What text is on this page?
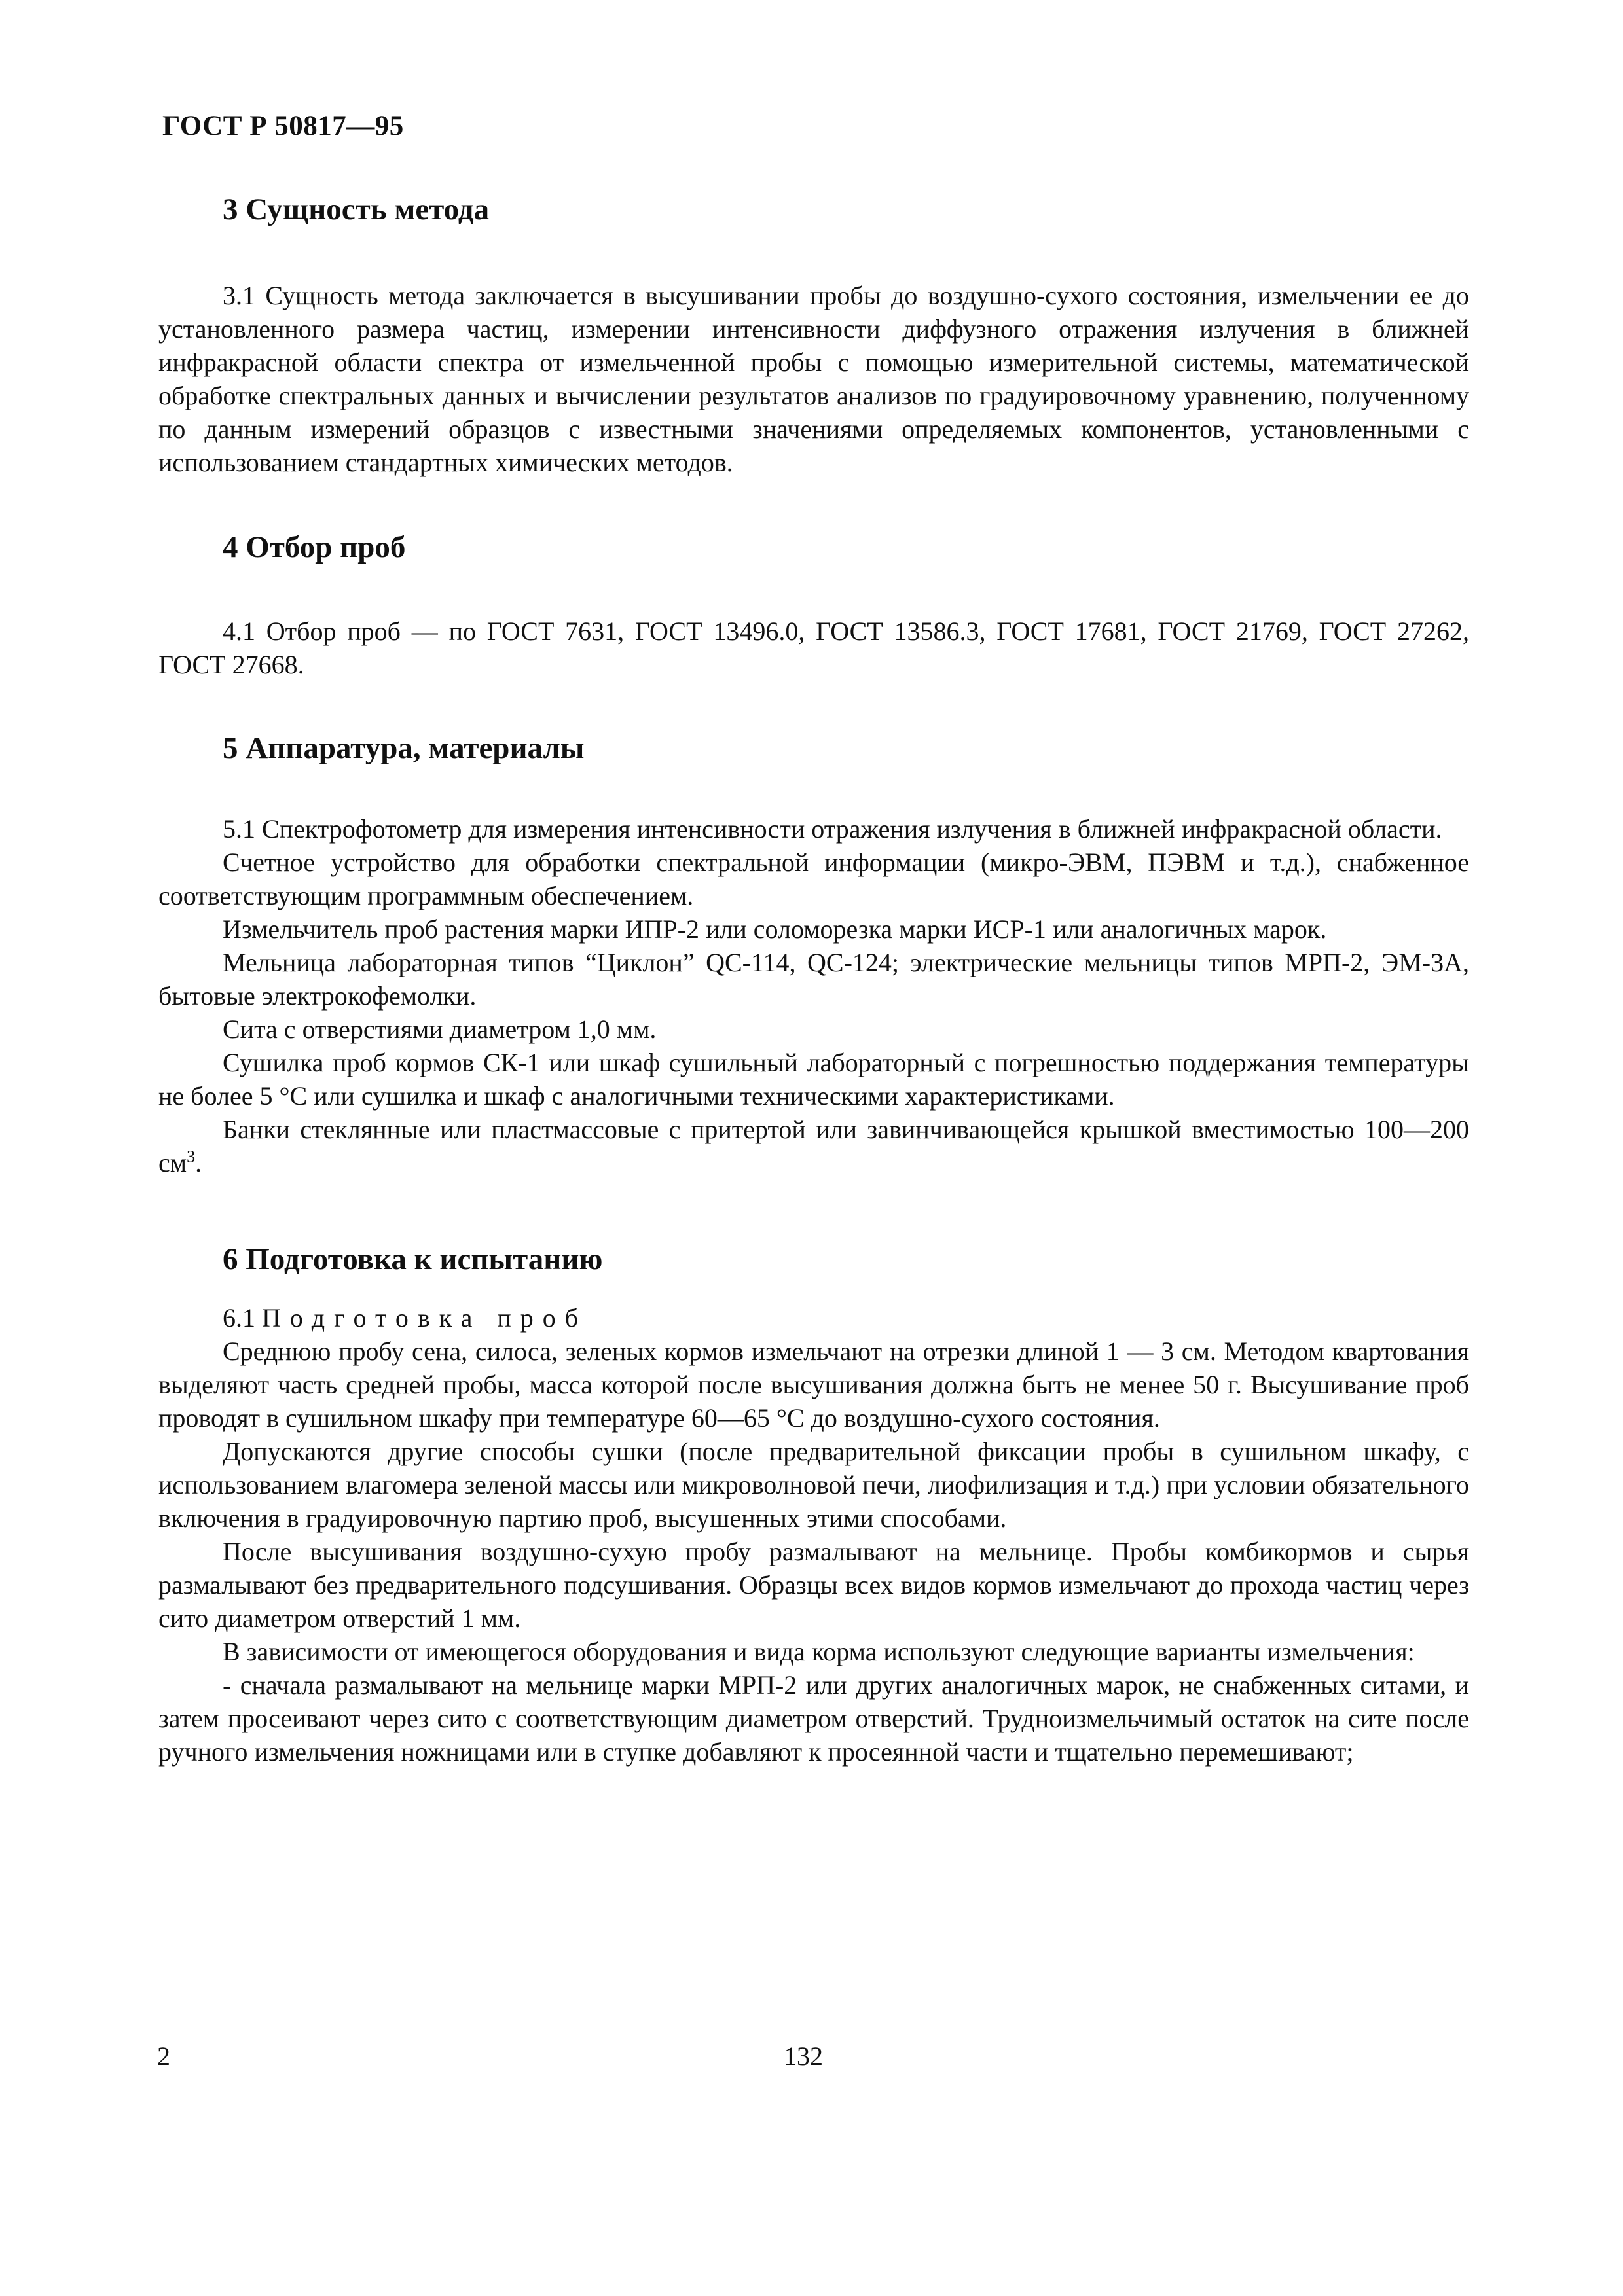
ГОСТ Р 50817—95
3 Сущность метода

3.1 Сущность метода заключается в высушивании пробы до воздушно-сухого состояния, измельчении ее до установленного размера частиц, измерении интенсивности диффузного отражения излучения в ближней инфракрасной области спектра от измельченной пробы с помощью измерительной системы, математической обработке спектральных данных и вычислении результатов анализов по градуировочному уравнению, полученному по данным измерений образцов с известными значениями определяемых компонентов, установленными с использованием стандартных химических методов.

4 Отбор проб

4.1 Отбор проб — по ГОСТ 7631, ГОСТ 13496.0, ГОСТ 13586.3, ГОСТ 17681, ГОСТ 21769, ГОСТ 27262, ГОСТ 27668.

5 Аппаратура, материалы

5.1 Спектрофотометр для измерения интенсивности отражения излучения в ближней инфракрасной области.

Счетное устройство для обработки спектральной информации (микро-ЭВМ, ПЭВМ и т.д.), снабженное соответствующим программным обеспечением.

Измельчитель проб растения марки ИПР-2 или соломорезка марки ИСР-1 или аналогичных марок.

Мельница лабораторная типов “Циклон” QC-114, QC-124; электрические мельницы типов МРП-2, ЭМ-3А, бытовые электрокофемолки.

Сита с отверстиями диаметром 1,0 мм.

Сушилка проб кормов СК-1 или шкаф сушильный лабораторный с погрешностью поддержания температуры не более 5 °С или сушилка и шкаф с аналогичными техническими характеристиками.

Банки стеклянные или пластмассовые с притертой или завинчивающейся крышкой вместимостью 100—200 $см^3$.

6 Подготовка к испытанию

6.1 Подготовка проб

Среднюю пробу сена, силоса, зеленых кормов измельчают на отрезки длиной 1 — 3 см. Методом квартования выделяют часть средней пробы, масса которой после высушивания должна быть не менее 50 г. Высушивание проб проводят в сушильном шкафу при температуре 60—65 °С до воздушно-сухого состояния.

Допускаются другие способы сушки (после предварительной фиксации пробы в сушильном шкафу, с использованием влагомера зеленой массы или микроволновой печи, лиофилизация и т.д.) при условии обязательного включения в градуировочную партию проб, высушенных этими способами.

После высушивания воздушно-сухую пробу размалывают на мельнице. Пробы комбикормов и сырья размалывают без предварительного подсушивания. Образцы всех видов кормов измельчают до прохода частиц через сито диаметром отверстий 1 мм.

В зависимости от имеющегося оборудования и вида корма используют следующие варианты измельчения:

- сначала размалывают на мельнице марки МРП-2 или других аналогичных марок, не снабженных ситами, и затем просеивают через сито с соответствующим диаметром отверстий. Трудноизмельчимый остаток на сите после ручного измельчения ножницами или в ступке добавляют к просеянной части и тщательно перемешивают;

2	132
